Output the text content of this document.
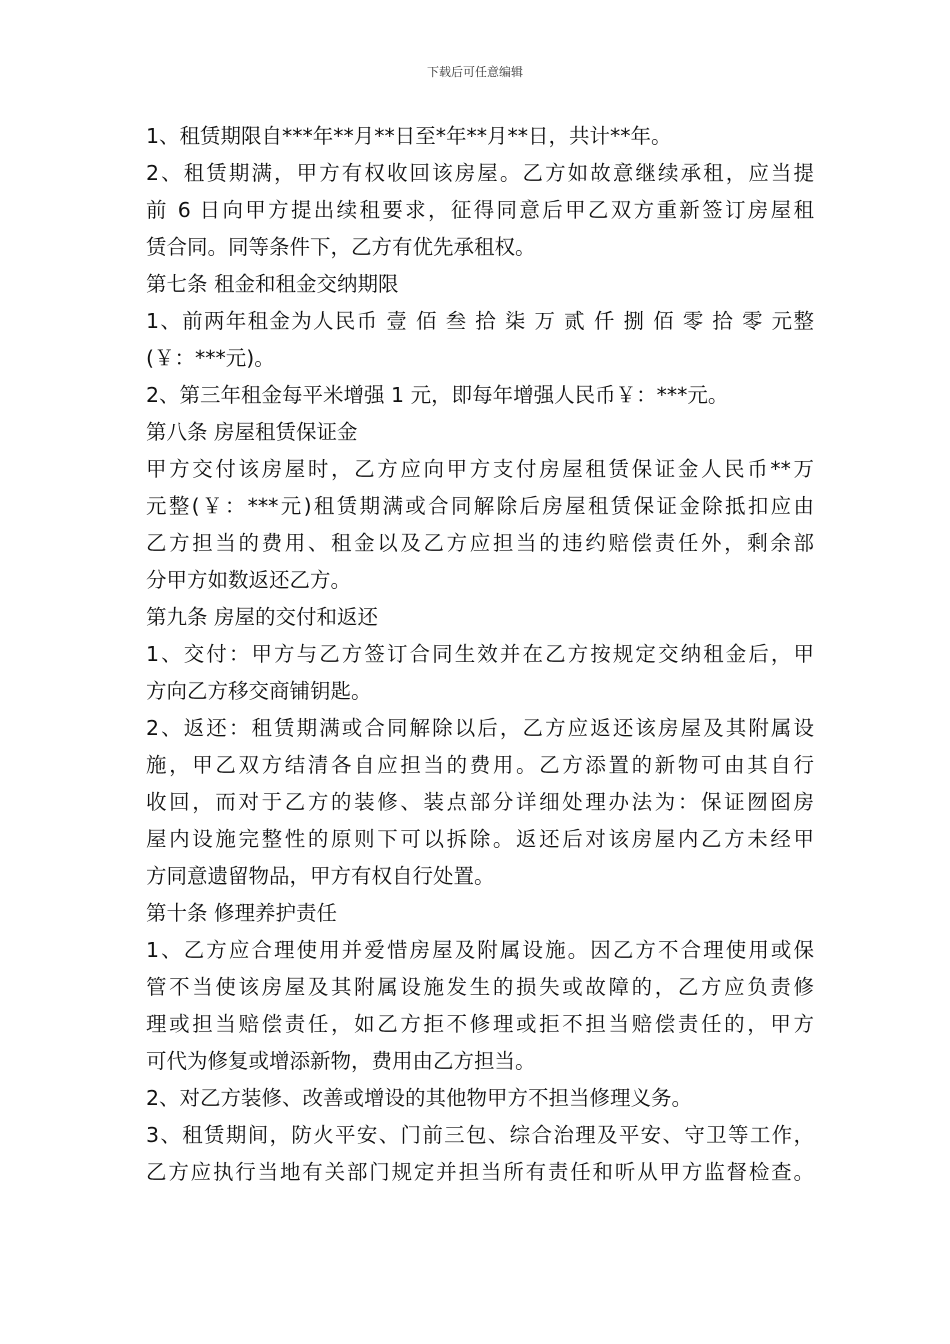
下载后可任意编辑
1、租赁期限自***年**月**日至*年**月**日，共计**年。
2、租赁期满，甲方有权收回该房屋。乙方如故意继续承租，应当提
前 6 日向甲方提出续租要求，征得同意后甲乙双方重新签订房屋租
赁合同。同等条件下，乙方有优先承租权。
第七条 租金和租金交纳期限
1、前两年租金为人民币 壹 佰 叁 拾 柒 万 贰 仟 捌 佰 零 拾 零 元整
(￥：***元)。
2、第三年租金每平米增强 1 元，即每年增强人民币￥：***元。
第八条 房屋租赁保证金
甲方交付该房屋时，乙方应向甲方支付房屋租赁保证金人民币**万
元整(￥：***元)租赁期满或合同解除后房屋租赁保证金除抵扣应由
乙方担当的费用、租金以及乙方应担当的违约赔偿责任外，剩余部
分甲方如数返还乙方。
第九条 房屋的交付和返还
1、交付：甲方与乙方签订合同生效并在乙方按规定交纳租金后，甲
方向乙方移交商铺钥匙。
2、返还：租赁期满或合同解除以后，乙方应返还该房屋及其附属设
施，甲乙双方结清各自应担当的费用。乙方添置的新物可由其自行
收回，而对于乙方的装修、装点部分详细处理办法为：保证囫囵房
屋内设施完整性的原则下可以拆除。返还后对该房屋内乙方未经甲
方同意遗留物品，甲方有权自行处置。
第十条 修理养护责任
1、乙方应合理使用并爱惜房屋及附属设施。因乙方不合理使用或保
管不当使该房屋及其附属设施发生的损失或故障的，乙方应负责修
理或担当赔偿责任，如乙方拒不修理或拒不担当赔偿责任的，甲方
可代为修复或增添新物，费用由乙方担当。
2、对乙方装修、改善或增设的其他物甲方不担当修理义务。
3、租赁期间，防火平安、门前三包、综合治理及平安、守卫等工作，
乙方应执行当地有关部门规定并担当所有责任和听从甲方监督检查。
